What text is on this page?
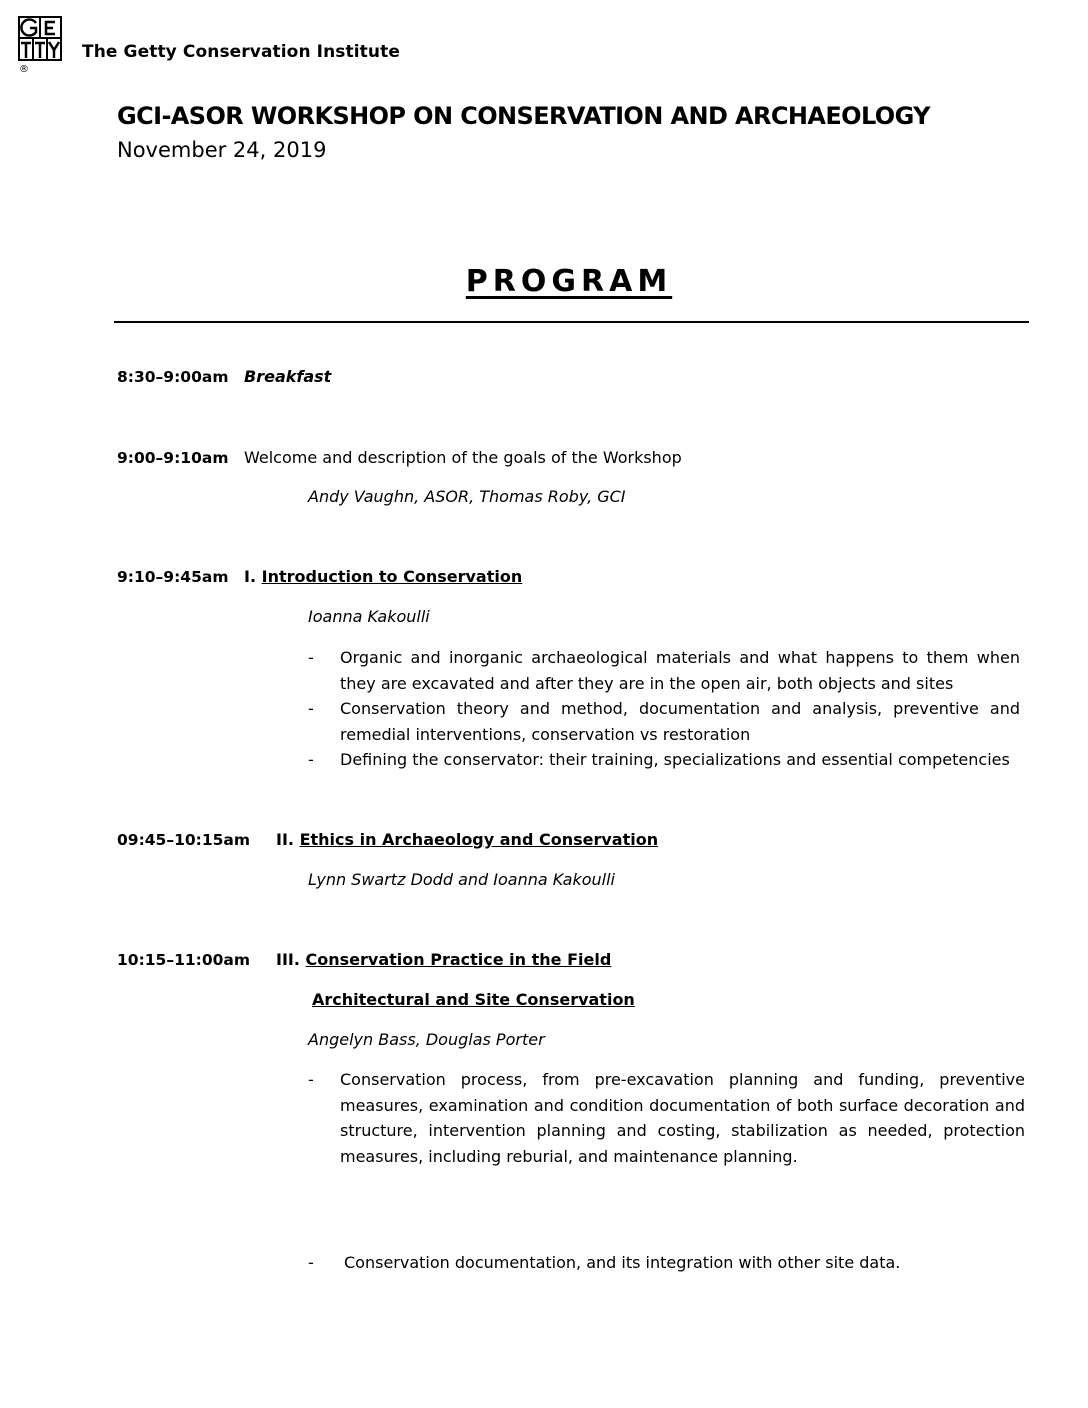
®
The Getty Conservation Institute
GCI-ASOR WORKSHOP ON CONSERVATION AND ARCHAEOLOGY
November 24, 2019
PROGRAM
8:30–9:00am Breakfast
9:00–9:10am Welcome and description of the goals of the Workshop
Andy Vaughn, ASOR, Thomas Roby, GCI
9:10–9:45am I. Introduction to Conservation
Ioanna Kakoulli
- Organic and inorganic archaeological materials and what happens to them when they are excavated and after they are in the open air, both objects and sites
- Conservation theory and method, documentation and analysis, preventive and remedial interventions, conservation vs restoration
- Defining the conservator: their training, specializations and essential competencies
09:45–10:15am II. Ethics in Archaeology and Conservation
Lynn Swartz Dodd and Ioanna Kakoulli
10:15–11:00am III. Conservation Practice in the Field
Architectural and Site Conservation
Angelyn Bass, Douglas Porter
- Conservation process, from pre-excavation planning and funding, preventive measures, examination and condition documentation of both surface decoration and structure, intervention planning and costing, stabilization as needed, protection measures, including reburial, and maintenance planning.
- Conservation documentation, and its integration with other site data.
